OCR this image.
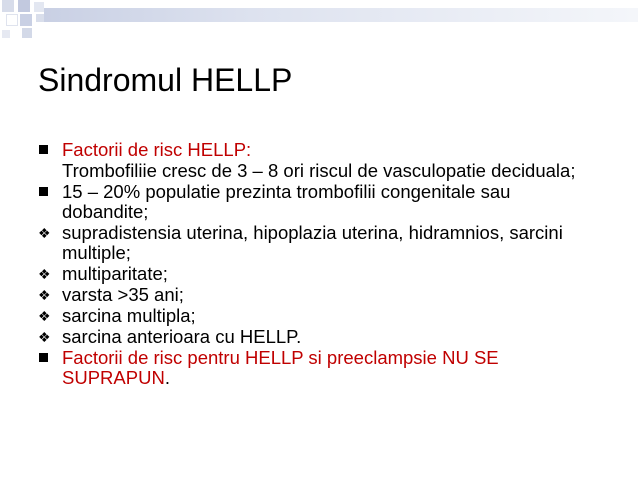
Sindromul HELLP
Factorii de risc HELLP:
Trombofiliie cresc de 3 – 8 ori riscul de vasculopatie deciduala;
15 – 20% populatie prezinta trombofilii congenitale sau dobandite;
❖ supradistensia uterina, hipoplazia uterina, hidramnios, sarcini multiple;
❖ multiparitate;
❖ varsta >35 ani;
❖ sarcina multipla;
❖ sarcina anterioara cu HELLP.
Factorii de risc pentru HELLP si preeclampsie NU SE SUPRAPUN.
